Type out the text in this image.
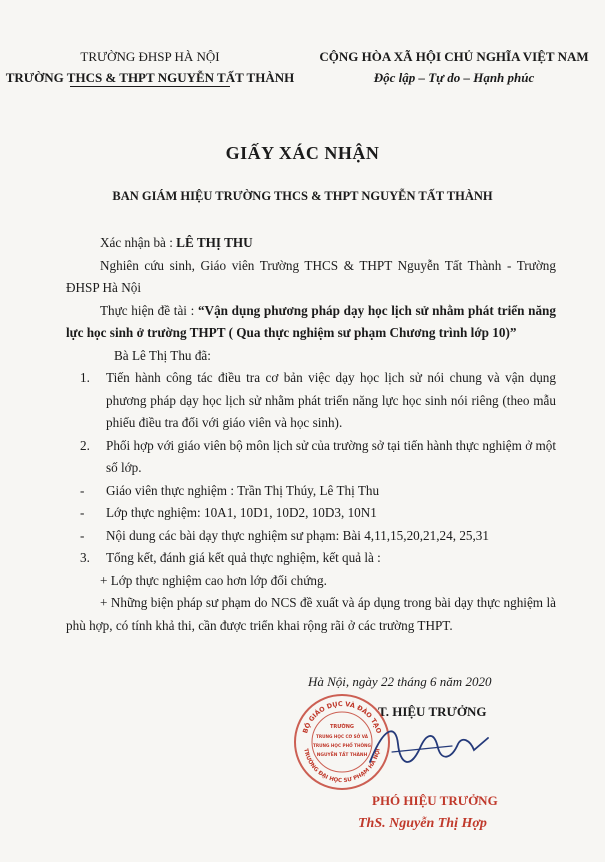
TRƯỜNG ĐHSP HÀ NỘI
TRƯỜNG THCS & THPT NGUYỄN TẤT THÀNH
CỘNG HÒA XÃ HỘI CHỦ NGHĨA VIỆT NAM
Độc lập – Tự do – Hạnh phúc
GIẤY XÁC NHẬN
BAN GIÁM HIỆU TRƯỜNG THCS & THPT NGUYỄN TẤT THÀNH

Xác nhận bà : LÊ THỊ THU

Nghiên cứu sinh, Giáo viên Trường THCS & THPT Nguyễn Tất Thành - Trường ĐHSP Hà Nội

Thực hiện đề tài : “Vận dụng phương pháp dạy học lịch sử nhằm phát triển năng lực học sinh ở trường THPT ( Qua thực nghiệm sư phạm Chương trình lớp 10)”

Bà Lê Thị Thu đã:

1.	Tiến hành công tác điều tra cơ bản việc dạy học lịch sử nói chung và vận dụng phương pháp dạy học lịch sử nhằm phát triển năng lực học sinh nói riêng (theo mẫu phiếu điều tra đối với giáo viên và học sinh).
2.	Phối hợp với giáo viên bộ môn lịch sử của trường sở tại tiến hành thực nghiệm ở một số lớp.
-	Giáo viên thực nghiệm : Trần Thị Thúy, Lê Thị Thu
-	Lớp thực nghiệm: 10A1, 10D1, 10D2, 10D3, 10N1
-	Nội dung các bài dạy thực nghiệm sư phạm: Bài 4,11,15,20,21,24, 25,31
3.	Tổng kết, đánh giá kết quả thực nghiệm, kết quả là :

+ Lớp thực nghiệm cao hơn lớp đối chứng.

+ Những biện pháp sư phạm do NCS đề xuất và áp dụng trong bài dạy thực nghiệm là phù hợp, có tính khả thi, cần được triển khai rộng rãi ở các trường THPT.

Hà Nội, ngày 22 tháng 6 năm 2020
T. HIỆU TRƯỞNG
BỘ GIÁO DỤC VÀ ĐÀO TẠO
TRƯỜNG ĐẠI HỌC SƯ PHẠM HÀ NỘI
TRƯỜNG
TRUNG HỌC CƠ SỞ VÀ
TRUNG HỌC PHỔ THÔNG
NGUYỄN TẤT THÀNH
PHÓ HIỆU TRƯỞNG
ThS. Nguyễn Thị Hợp
